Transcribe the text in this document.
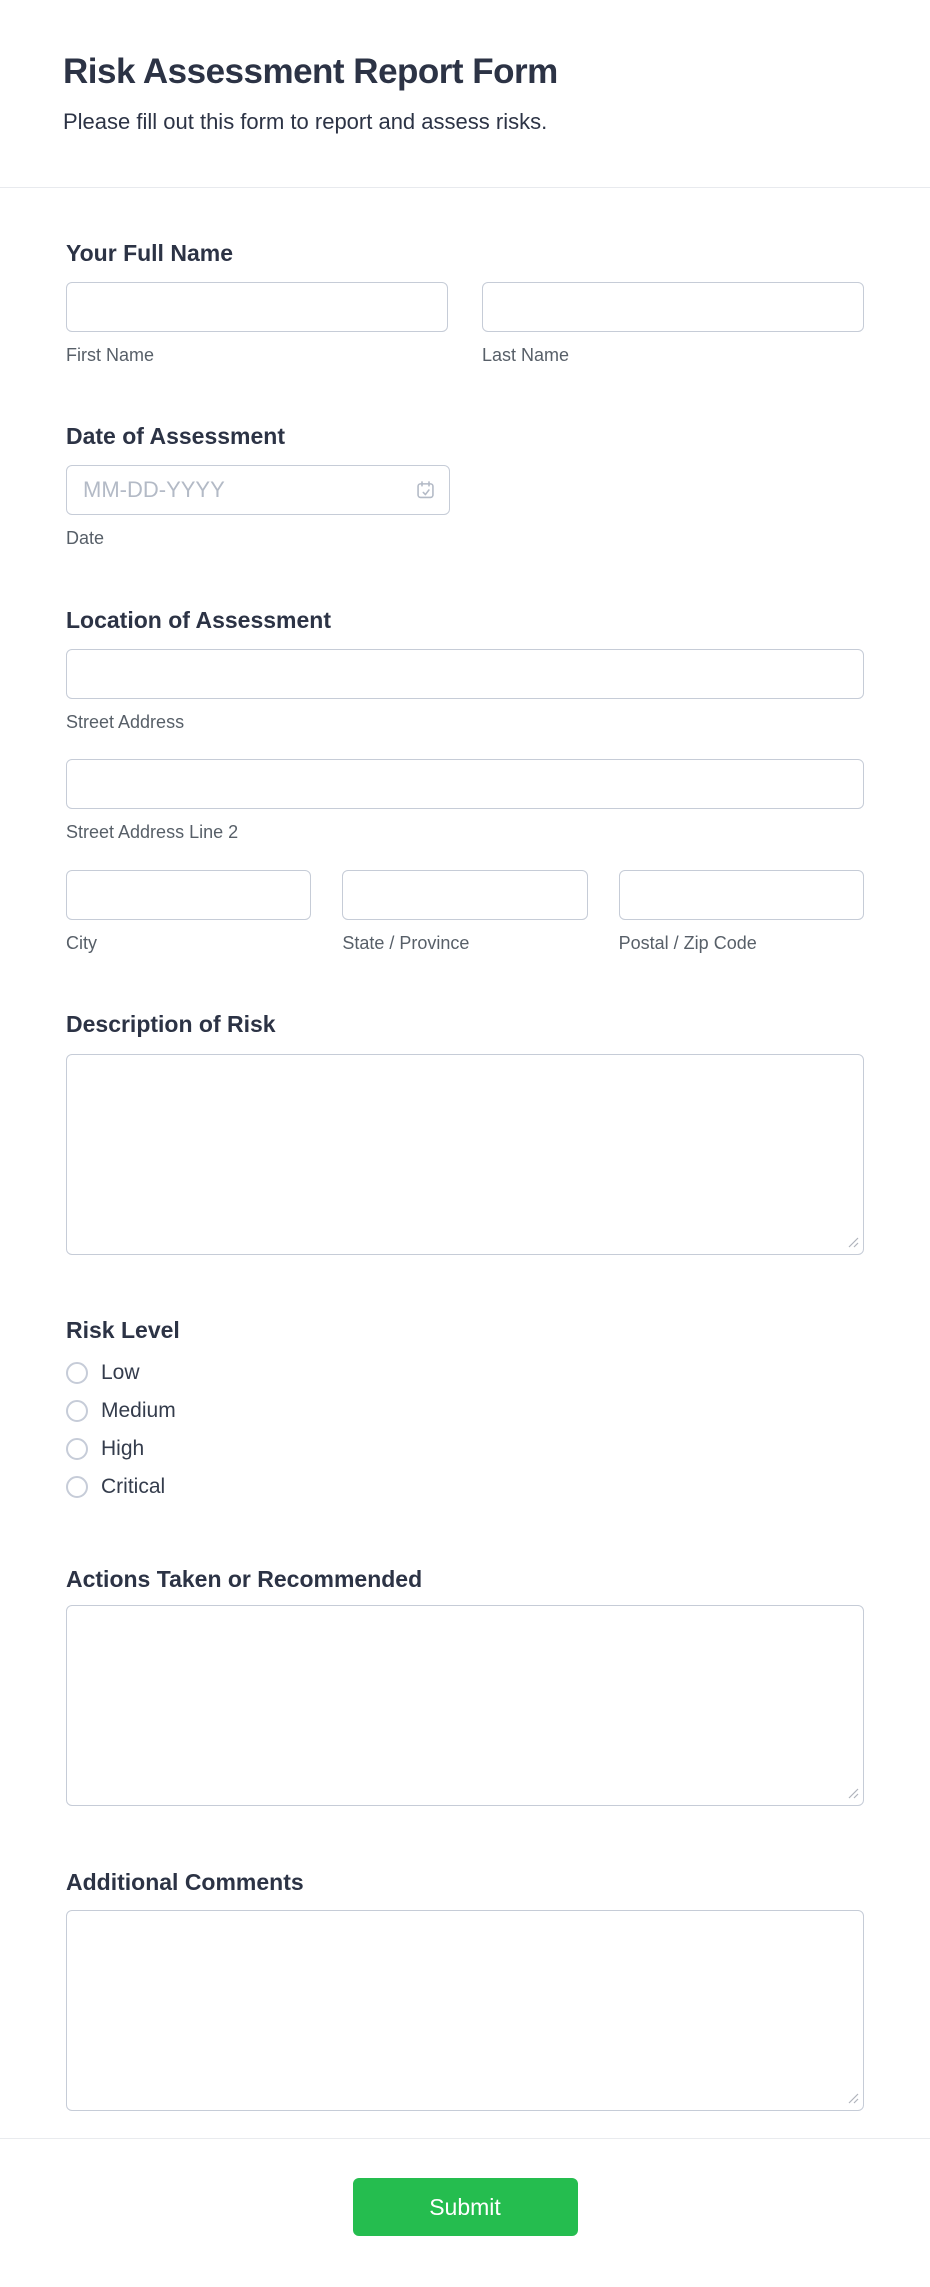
Risk Assessment Report Form

Please fill out this form to report and assess risks.

Your Full Name
First Name	Last Name
Date of Assessment
MM-DD-YYYY
Date
Location of Assessment
Street Address
Street Address Line 2
City	State / Province	Postal / Zip Code
Description of Risk
Risk Level
Low
Medium
High
Critical
Actions Taken or Recommended
Additional Comments
Submit
